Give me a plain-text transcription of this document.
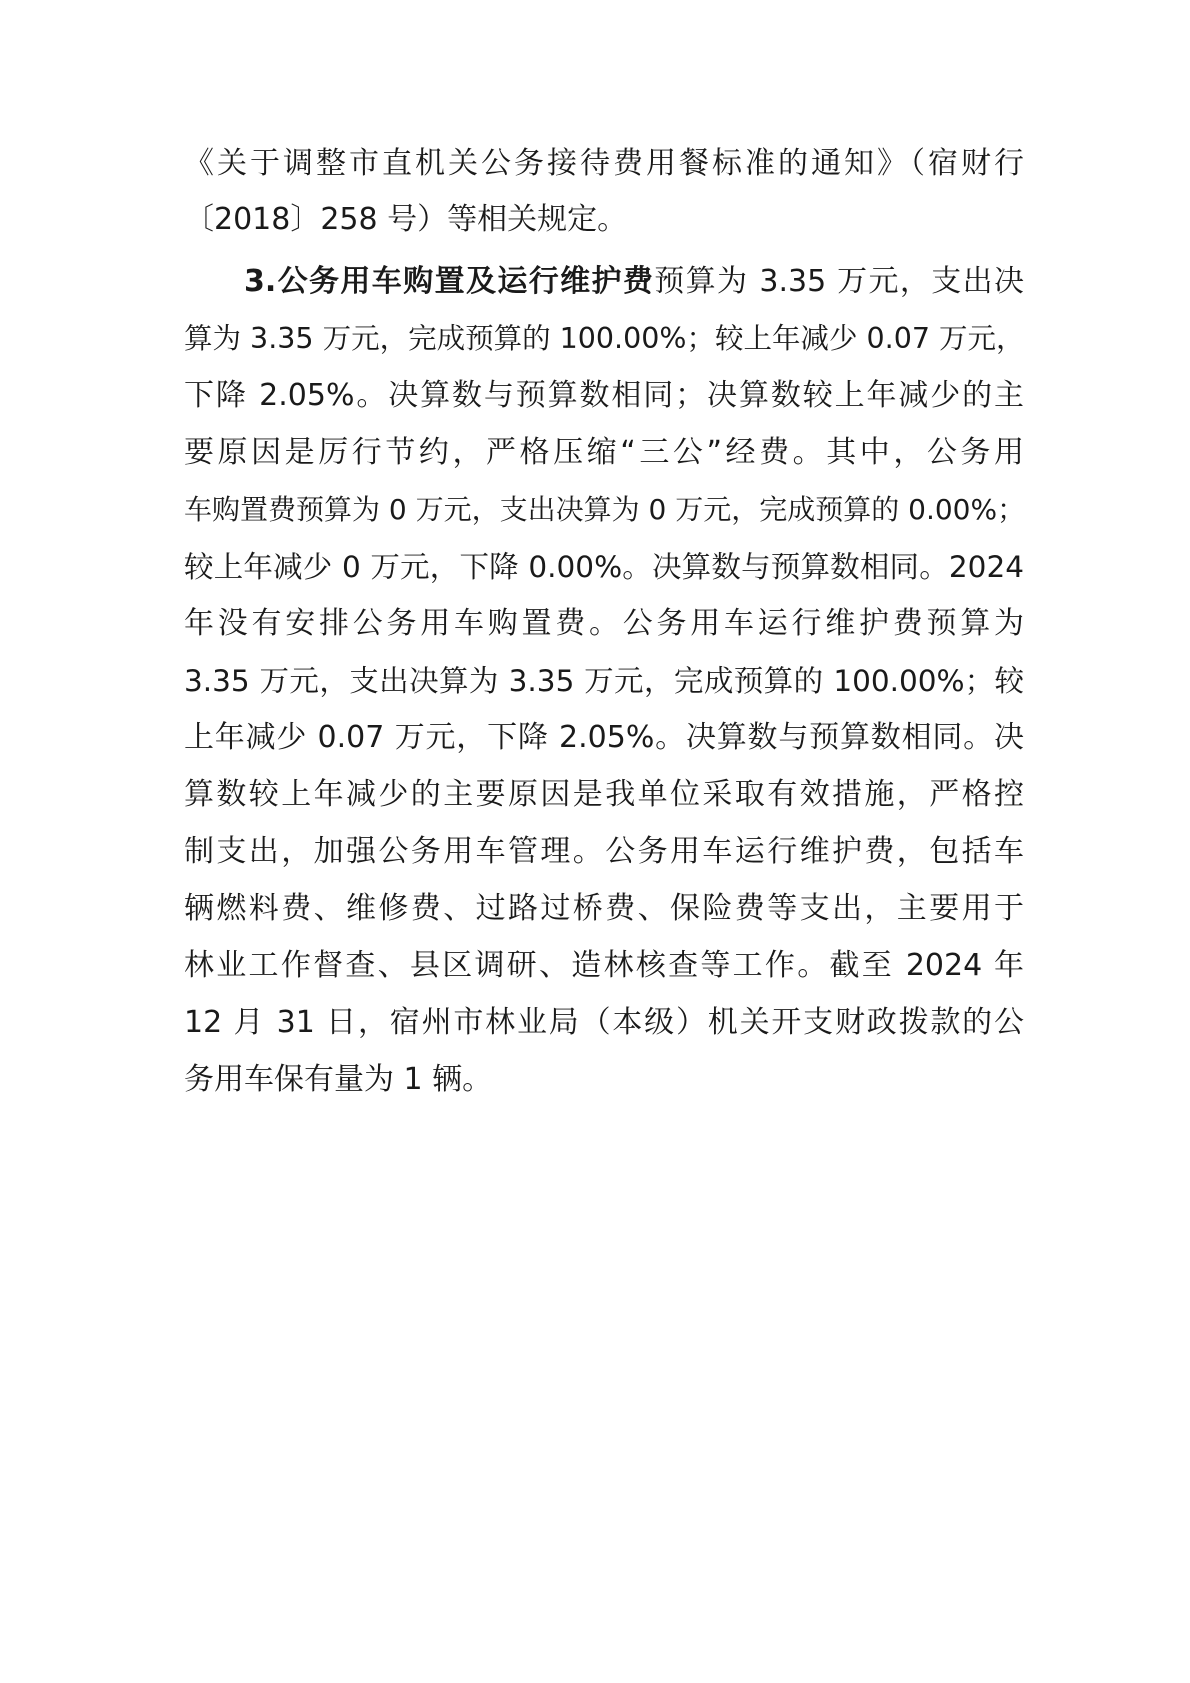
《关于调整市直机关公务接待费用餐标准的通知》（宿财行
〔2018〕258 号）等相关规定。
3.公务用车购置及运行维护费预算为 3.35 万元，支出决
算为 3.35 万元，完成预算的 100.00%；较上年减少 0.07 万元，
下降 2.05%。决算数与预算数相同；决算数较上年减少的主
要原因是厉行节约，严格压缩“三公”经费。其中，公务用
车购置费预算为 0 万元，支出决算为 0 万元，完成预算的 0.00%；
较上年减少 0 万元，下降 0.00%。决算数与预算数相同。2024
年没有安排公务用车购置费。公务用车运行维护费预算为
3.35 万元，支出决算为 3.35 万元，完成预算的 100.00%；较
上年减少 0.07 万元，下降 2.05%。决算数与预算数相同。决
算数较上年减少的主要原因是我单位采取有效措施，严格控
制支出，加强公务用车管理。公务用车运行维护费，包括车
辆燃料费、维修费、过路过桥费、保险费等支出，主要用于
林业工作督查、县区调研、造林核查等工作。截至 2024 年
12 月 31 日，宿州市林业局（本级）机关开支财政拨款的公
务用车保有量为 1 辆。
